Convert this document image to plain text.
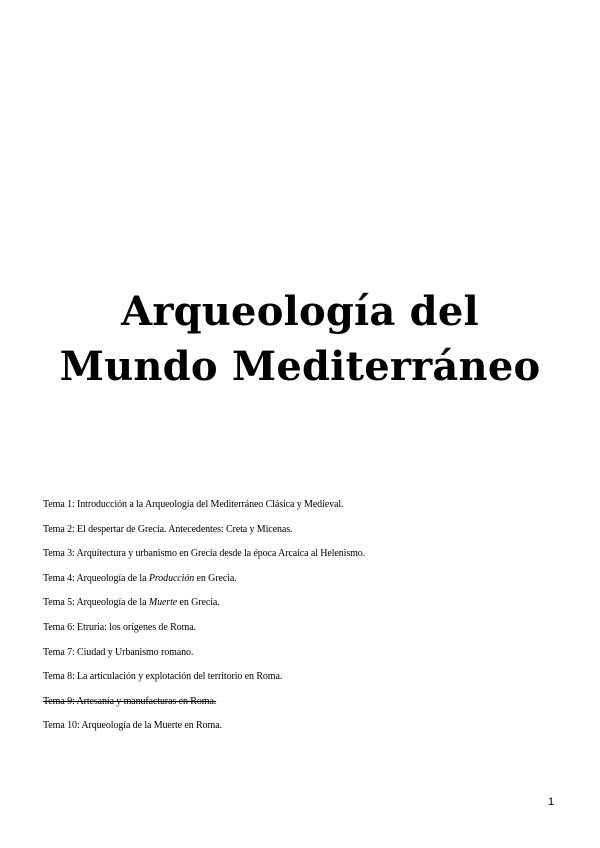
Arqueología del
Mundo Mediterráneo
Tema 1: Introducción a la Arqueología del Mediterráneo Clásica y Medieval.
Tema 2: El despertar de Grecia. Antecedentes: Creta y Micenas.
Tema 3: Arquitectura y urbanismo en Grecia desde la época Arcaica al Helenismo.
Tema 4: Arqueología de la Producción en Grecia.
Tema 5: Arqueología de la Muerte en Grecia.
Tema 6: Etruria: los orígenes de Roma.
Tema 7: Ciudad y Urbanismo romano.
Tema 8: La articulación y explotación del territorio en Roma.
Tema 9: Artesanía y manufacturas en Roma.
Tema 10: Arqueología de la Muerte en Roma.
1
